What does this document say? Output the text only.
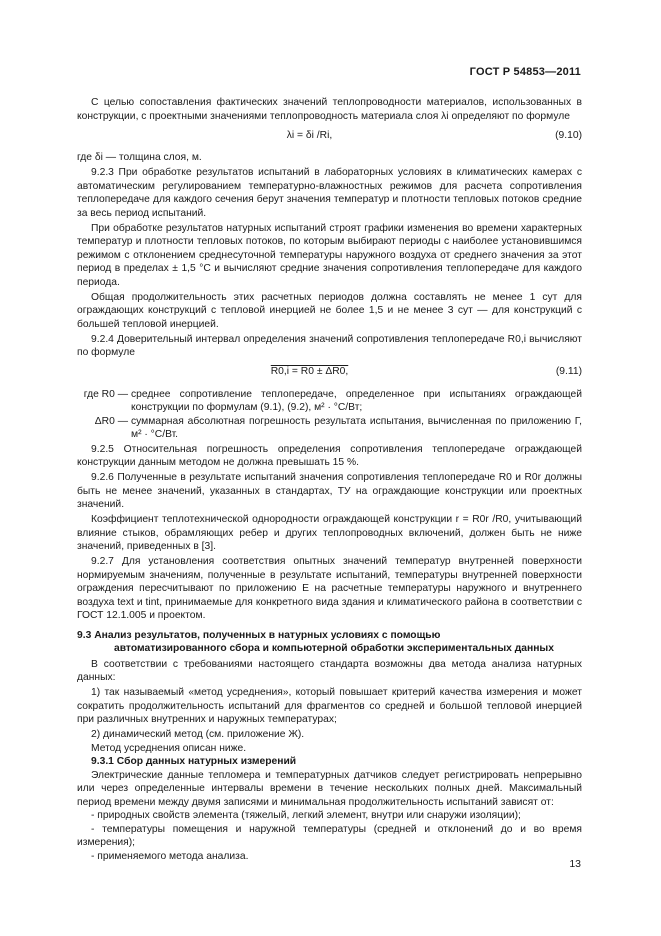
ГОСТ Р 54853—2011

С целью сопоставления фактических значений теплопроводности материалов, использованных в конструкции, с проектными значениями теплопроводность материала слоя λi определяют по формуле

λi = δi /Ri,	(9.10)

где δi — толщина слоя, м.

9.2.3 При обработке результатов испытаний в лабораторных условиях в климатических камерах с автоматическим регулированием температурно-влажностных режимов для расчета сопротивления теплопередаче для каждого сечения берут значения температур и плотности тепловых потоков средние за весь период испытаний.

При обработке результатов натурных испытаний строят графики изменения во времени характерных температур и плотности тепловых потоков, по которым выбирают периоды с наиболее установившимся режимом с отклонением среднесуточной температуры наружного воздуха от среднего значения за этот период в пределах ± 1,5 °С и вычисляют средние значения сопротивления теплопередаче для каждого периода.

Общая продолжительность этих расчетных периодов должна составлять не менее 1 сут для ограждающих конструкций с тепловой инерцией не более 1,5 и не менее 3 сут — для конструкций с большей тепловой инерцией.

9.2.4 Доверительный интервал определения значений сопротивления теплопередаче R0,i вычисляют по формуле

R0,i = R0 ± ΔR0,	(9.11)
где R0 — среднее сопротивление теплопередаче, определенное при испытаниях ограждающей конструкции по формулам (9.1), (9.2), м² · °С/Вт;
ΔR0 — суммарная абсолютная погрешность результата испытания, вычисленная по приложению Г, м² · °С/Вт.

9.2.5 Относительная погрешность определения сопротивления теплопередаче ограждающей конструкции данным методом не должна превышать 15 %.

9.2.6 Полученные в результате испытаний значения сопротивления теплопередаче R0 и R0r должны быть не менее значений, указанных в стандартах, ТУ на ограждающие конструкции или проектных значений.

Коэффициент теплотехнической однородности ограждающей конструкции r = R0r /R0, учитывающий влияние стыков, обрамляющих ребер и других теплопроводных включений, должен быть не ниже значений, приведенных в [3].

9.2.7 Для установления соответствия опытных значений температур внутренней поверхности нормируемым значениям, полученные в результате испытаний, температуры внутренней поверхности ограждения пересчитывают по приложению Е на расчетные температуры наружного и внутреннего воздуха text и tint, принимаемые для конкретного вида здания и климатического района в соответствии с ГОСТ 12.1.005 и проектом.

9.3 Анализ результатов, полученных в натурных условиях с помощью
автоматизированного сбора и компьютерной обработки экспериментальных данных

В соответствии с требованиями настоящего стандарта возможны два метода анализа натурных данных:

1) так называемый «метод усреднения», который повышает критерий качества измерения и может сократить продолжительность испытаний для фрагментов со средней и большой тепловой инерцией при различных внутренних и наружных температурах;

2) динамический метод (см. приложение Ж).

Метод усреднения описан ниже.

9.3.1 Сбор данных натурных измерений

Электрические данные тепломера и температурных датчиков следует регистрировать непрерывно или через определенные интервалы времени в течение нескольких полных дней. Максимальный период времени между двумя записями и минимальная продолжительность испытаний зависят от:

- природных свойств элемента (тяжелый, легкий элемент, внутри или снаружи изоляции);

- температуры помещения и наружной температуры (средней и отклонений до и во время измерения);

- применяемого метода анализа.

13
